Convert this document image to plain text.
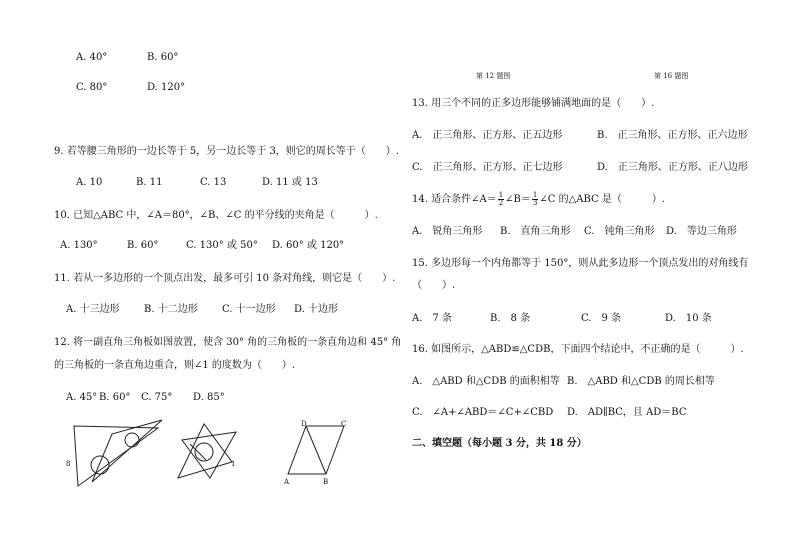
A. 40°	B. 60°
C. 80°	D. 120°
9. 若等腰三角形的一边长等于 5，另一边长等于 3，则它的周长等于（　　）.
A. 10	B. 11	C. 13	D. 11 或 13
10. 已知△ABC 中，∠A＝80°，∠B、∠C 的平分线的夹角是（　　　）.
A. 130°	B. 60°	C. 130° 或 50° D. 60° 或 120°
11. 若从一多边形的一个顶点出发，最多可引 10 条对角线，则它是（　　）.
A. 十三边形 B. 十二边形 C. 十一边形 D. 十边形
12. 将一副直角三角板如图放置，使含 30° 角的三角板的一条直角边和 45° 角
的三角板的一条直角边重合，则∠1 的度数为（　　）.
A. 45° B. 60° C. 75° D. 85°
8	1
D	C
A	B
第 12 题图	第 16 题图
13. 用三个不同的正多边形能够铺满地面的是（　　）.
A.　正三角形、正方形、正五边形	B.　正三角形、正方形、正六边形
C.　正三角形、正方形、正七边形	D.　正三角形、正方形、正八边形
14. 适合条件∠A＝ $\frac{1}{2}$ ∠B＝ $\frac{1}{3}$ ∠C 的△ABC 是（　　　）.
A.　锐角三角形 B.　直角三角形 C.　钝角三角形 D.　等边三角形
15. 多边形每一个内角都等于 150°，则从此多边形一个顶点发出的对角线有
（　　）.
A.　7 条	B.　8 条	C.　9 条	D.　10 条
16. 如图所示，△ABD≌△CDB，下面四个结论中，不正确的是（　　　）.
A.　△ABD 和△CDB 的面积相等 B.　△ABD 和△CDB 的周长相等
C.　∠A+∠ABD＝∠C+∠CBD D.　AD∥BC，且 AD＝BC
二、填空题（每小题 3 分，共 18 分）
